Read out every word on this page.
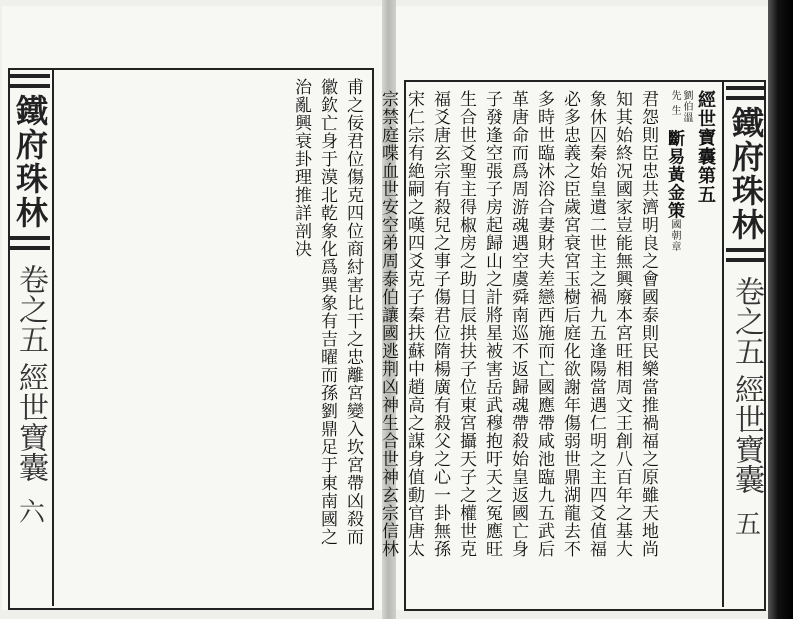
鐵府珠林
卷之五
經世寶囊
六	甫之佞君位傷克四位商紂害比干之忠離宮變入坎宮帶凶殺而
徽欽亡身于漠北乾象化爲巽象有吉曜而孫劉鼎足于東南國之
治亂興衰卦理推詳剖决	鐵府珠林
卷之五
經世寶囊
五
經世寶囊第五
劉伯溫
先 生 斷易黃金策國朝章
君怨則臣忠共濟明良之會國泰則民樂當推禍福之原雖天地尚
知其始終况國家豈能無興廢本宮旺相周文王創八百年之基大
象休囚秦始皇遺二世主之禍九五逢陽當遇仁明之主四爻值福
必多忠義之臣歲宮衰宮玉樹后庭化欲謝年傷弱世鼎湖龍去不
多時世臨沐浴合妻財夫差戀西施而亡國應帶咸池臨九五武后
革唐命而爲周游魂遇空虞舜南巡不返歸魂帶殺始皇返國亡身
子發逢空張子房起歸山之計將星被害岳武穆抱吁天之冤應旺
生合世爻聖主得椒房之助日辰拱扶子位東宮攝天子之權世克
福爻唐玄宗有殺兒之事子傷君位隋楊廣有殺父之心一卦無孫
宋仁宗有絶嗣之嘆四爻克子秦扶蘇中趙高之謀身值動官唐太
宗禁庭喋血世安空弟周泰伯讓國逃荆凶神生合世神玄宗信林
